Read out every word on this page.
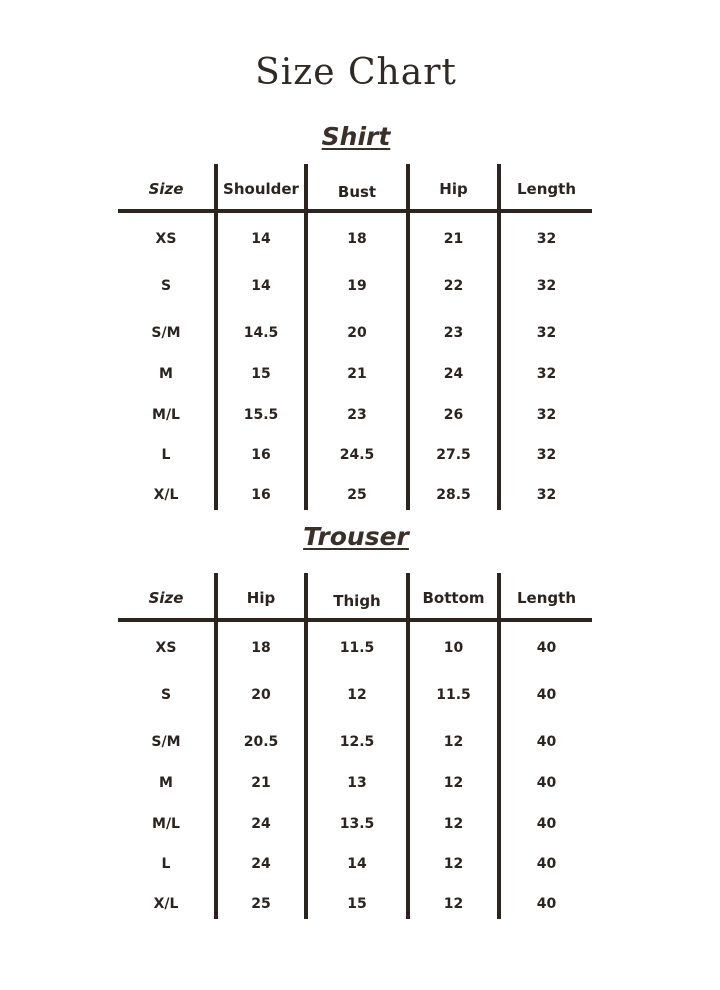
Size Chart
Shirt
Size	Shoulder	Bust	Hip	Length
XS	14	18	21	32
S	14	19	22	32
S/M	14.5	20	23	32
M	15	21	24	32
M/L	15.5	23	26	32
L	16	24.5	27.5	32
X/L	16	25	28.5	32
Trouser
Size	Hip	Thigh	Bottom	Length
XS	18	11.5	10	40
S	20	12	11.5	40
S/M	20.5	12.5	12	40
M	21	13	12	40
M/L	24	13.5	12	40
L	24	14	12	40
X/L	25	15	12	40
